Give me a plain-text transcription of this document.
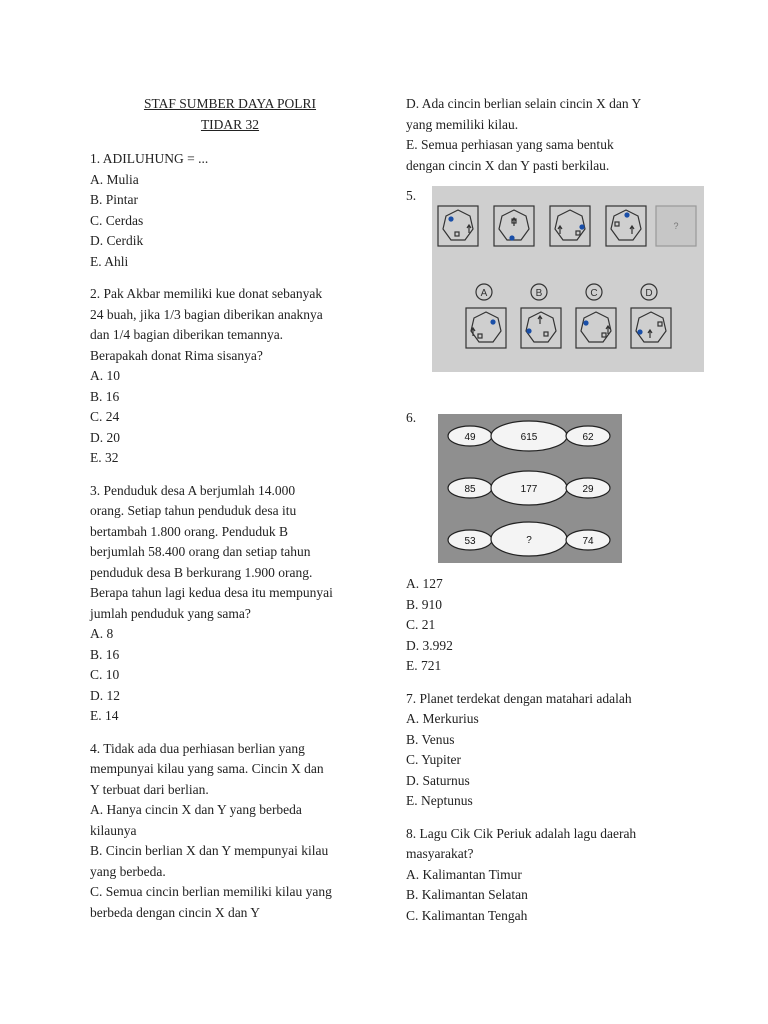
STAF SUMBER DAYA POLRI
TIDAR 32
1. ADILUHUNG = ...
A. Mulia
B. Pintar
C. Cerdas
D. Cerdik
E. Ahli
2. Pak Akbar memiliki kue donat sebanyak
24 buah, jika 1/3 bagian diberikan anaknya
dan 1/4 bagian diberikan temannya.
Berapakah donat Rima sisanya?
A. 10
B. 16
C. 24
D. 20
E. 32
3. Penduduk desa A berjumlah 14.000
orang. Setiap tahun penduduk desa itu
bertambah 1.800 orang. Penduduk B
berjumlah 58.400 orang dan setiap tahun
penduduk desa B berkurang 1.900 orang.
Berapa tahun lagi kedua desa itu mempunyai
jumlah penduduk yang sama?
A. 8
B. 16
C. 10
D. 12
E. 14
4. Tidak ada dua perhiasan berlian yang
mempunyai kilau yang sama. Cincin X dan
Y terbuat dari berlian.
A. Hanya cincin X dan Y yang berbeda
kilaunya
B. Cincin berlian X dan Y mempunyai kilau
yang berbeda.
C. Semua cincin berlian memiliki kilau yang
berbeda dengan cincin X dan Y
D. Ada cincin berlian selain cincin X dan Y
yang memiliki kilau.
E. Semua perhiasan yang sama bentuk
dengan cincin X dan Y pasti berkilau.
5.
?
A	B	C	D
6.
49	615	62
85	177	29
53	?	74
A. 127
B. 910
C. 21
D. 3.992
E. 721
7. Planet terdekat dengan matahari adalah
A. Merkurius
B. Venus
C. Yupiter
D. Saturnus
E. Neptunus
8. Lagu Cik Cik Periuk adalah lagu daerah
masyarakat?
A. Kalimantan Timur
B. Kalimantan Selatan
C. Kalimantan Tengah
